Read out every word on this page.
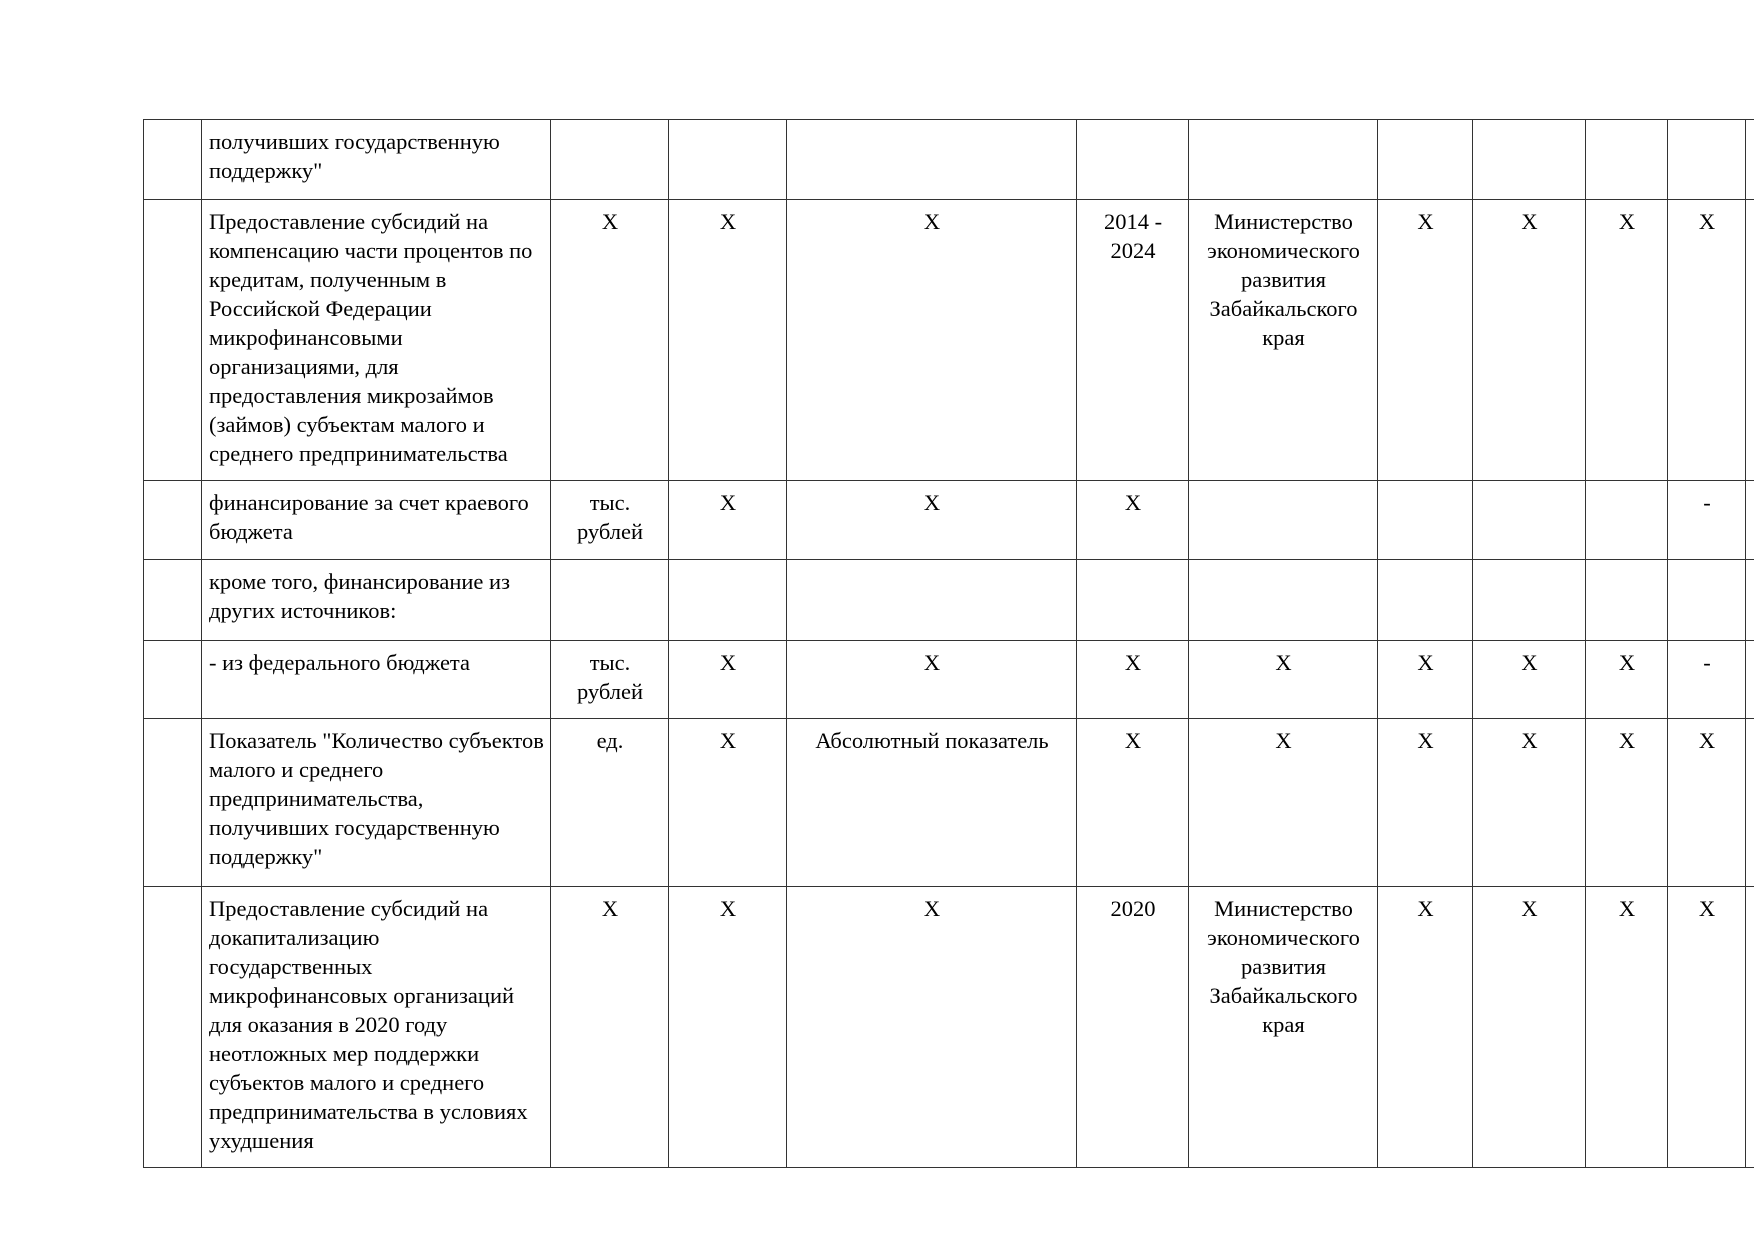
	получивших государственную поддержку"										
	Предоставление субсидий на компенсацию части процентов по кредитам, полученным в Российской Федерации микрофинансовыми организациями, для предоставления микрозаймов (займов) субъектам малого и среднего предпринимательства	X	X	X	2014 - 2024	Министерство экономического развития Забайкальского края	X	X	X	X	
	финансирование за счет краевого бюджета	тыс. рублей	X	X	X					-	
	кроме того, финансирование из других источников:										
	- из федерального бюджета	тыс. рублей	X	X	X	X	X	X	X	-	
	Показатель "Количество субъектов малого и среднего предпринимательства, получивших государственную поддержку"	ед.	X	Абсолютный показатель	X	X	X	X	X	X	
	Предоставление субсидий на докапитализацию государственных микрофинансовых организаций для оказания в 2020 году неотложных мер поддержки субъектов малого и среднего предпринимательства в условиях ухудшения	X	X	X	2020	Министерство экономического развития Забайкальского края	X	X	X	X	
